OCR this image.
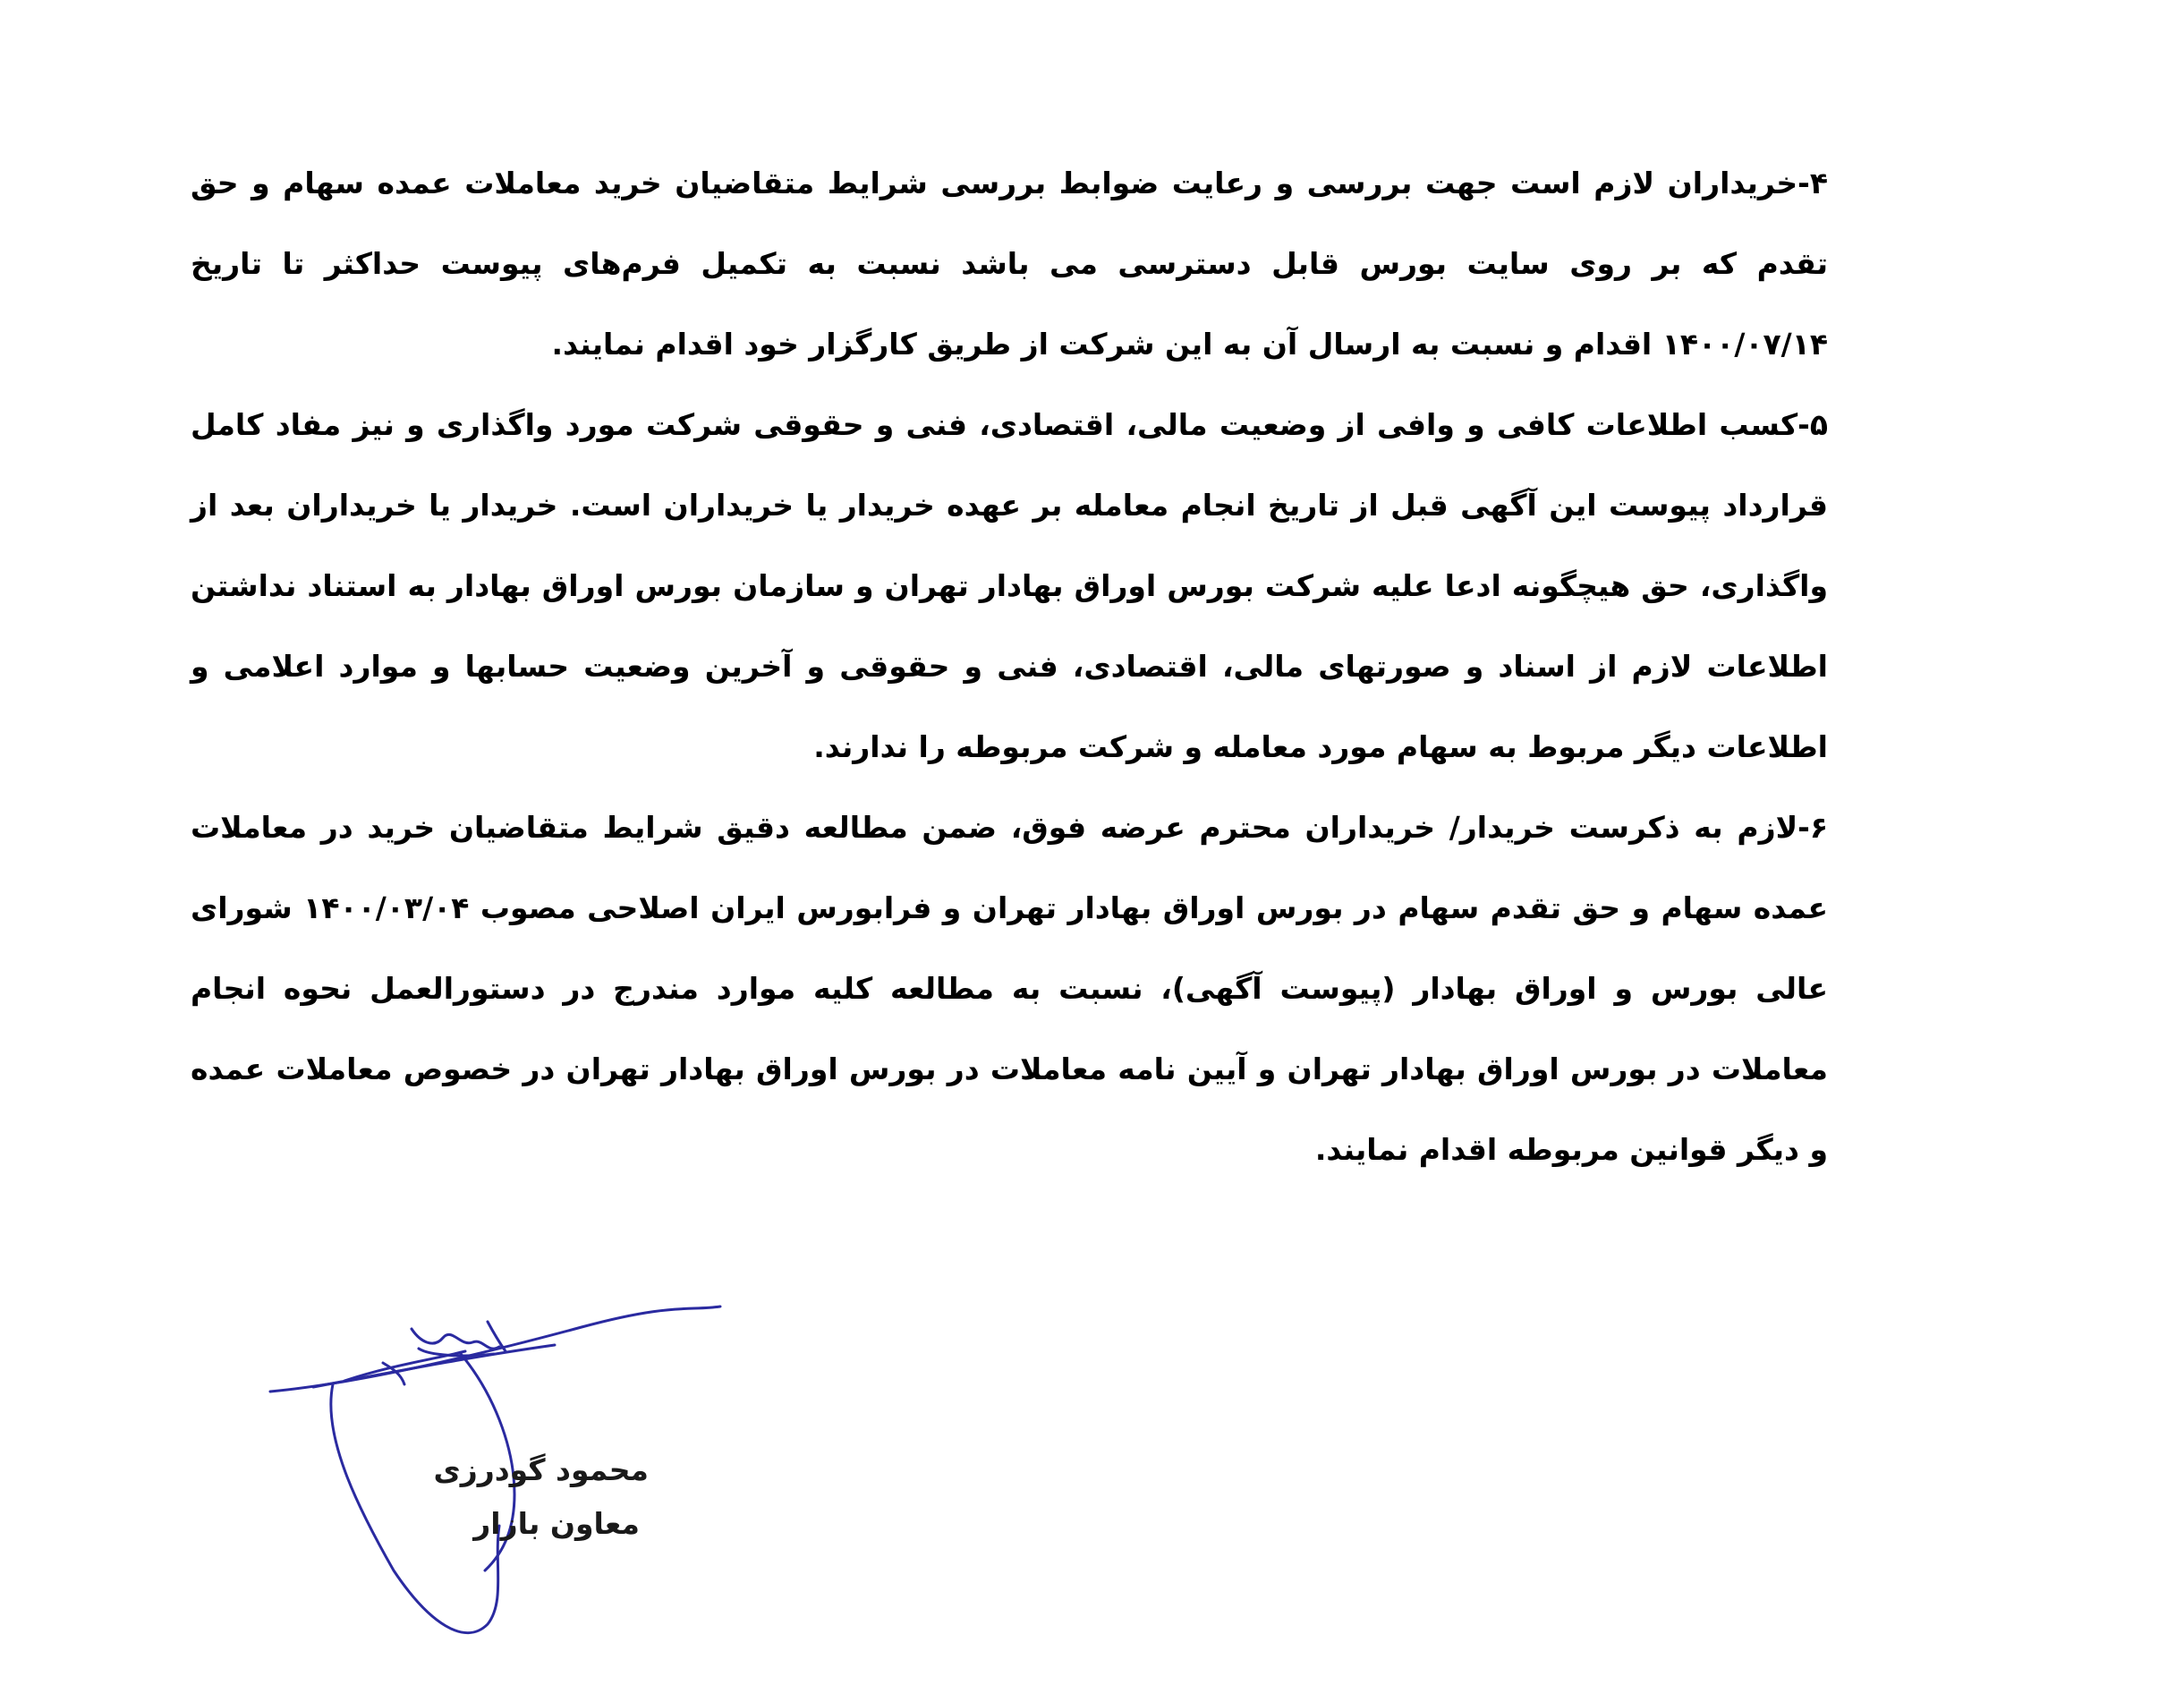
۴-خریداران لازم است جهت بررسی و رعایت ضوابط بررسی شرایط متقاضیان خرید معاملات عمده سهام و حق تقدم که بر روی سایت بورس قابل دسترسی می باشد نسبت به تکمیل فرم‌های پیوست حداکثر تا تاریخ ۱۴۰۰/۰۷/۱۴ اقدام و نسبت به ارسال آن به این شرکت از طریق کارگزار خود اقدام نمایند.

۵-کسب اطلاعات کافی و وافی از وضعیت مالی، اقتصادی، فنی و حقوقی شرکت مورد واگذاری و نیز مفاد کامل قرارداد پیوست این آگهی قبل از تاریخ انجام معامله بر عهده خریدار یا خریداران است. خریدار یا خریداران بعد از واگذاری، حق هیچگونه ادعا علیه شرکت بورس اوراق بهادار تهران و سازمان بورس اوراق بهادار به استناد نداشتن اطلاعات لازم از اسناد و صورتهای مالی، اقتصادی، فنی و حقوقی و آخرین وضعیت حسابها و موارد اعلامی و اطلاعات دیگر مربوط به سهام مورد معامله و شرکت مربوطه را ندارند.

۶-لازم به ذکرست خریدار/ خریداران محترم عرضه فوق، ضمن مطالعه دقیق شرایط متقاضیان خرید در معاملات عمده سهام و حق تقدم سهام در بورس اوراق بهادار تهران و فرابورس ایران اصلاحی مصوب ۱۴۰۰/۰۳/۰۴ شورای عالی بورس و اوراق بهادار (پیوست آگهی)، نسبت به مطالعه کلیه موارد مندرج در دستورالعمل نحوه انجام معاملات در بورس اوراق بهادار تهران و آیین نامه معاملات در بورس اوراق بهادار تهران در خصوص معاملات عمده و دیگر قوانین مربوطه اقدام نمایند.

محمود گودرزی
معاون بازار
